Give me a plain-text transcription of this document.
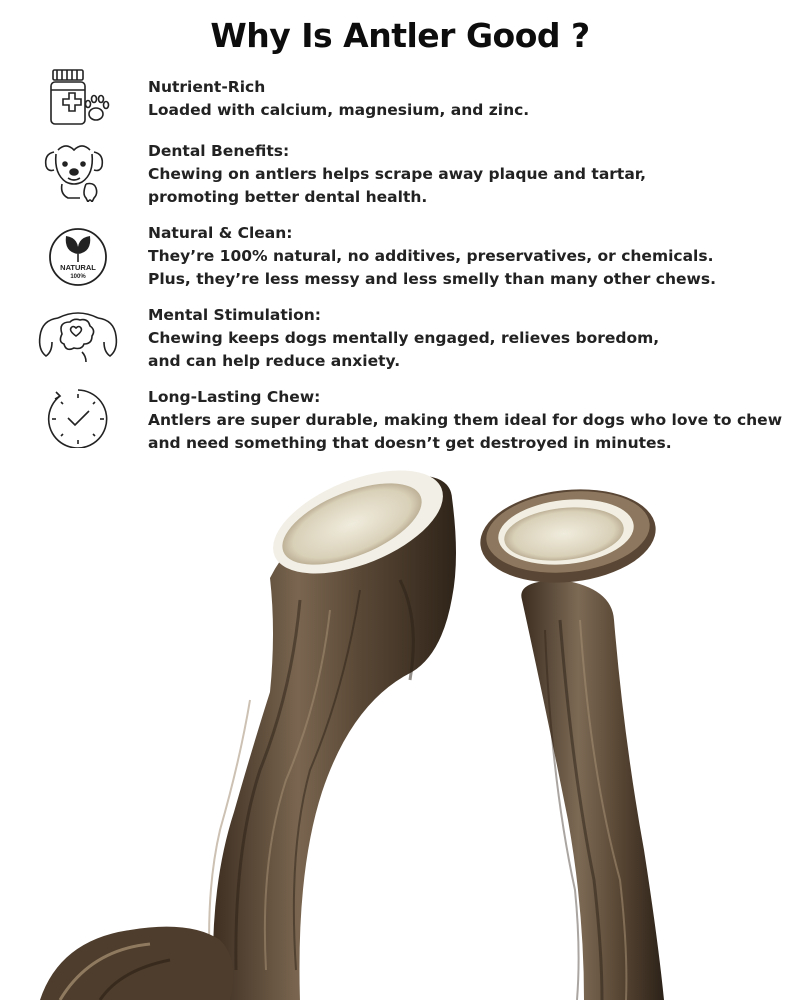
Why Is Antler Good ?
Nutrient-Rich
Loaded with calcium, magnesium, and zinc.
Dental Benefits:
Chewing on antlers helps scrape away plaque and tartar,
promoting better dental health.
NATURAL
100%
Natural & Clean:
They’re 100% natural, no additives, preservatives, or chemicals.
Plus, they’re less messy and less smelly than many other chews.
Mental Stimulation:
Chewing keeps dogs mentally engaged, relieves boredom,
and can help reduce anxiety.
Long-Lasting Chew:
Antlers are super durable, making them ideal for dogs who love to chew
and need something that doesn’t get destroyed in minutes.
